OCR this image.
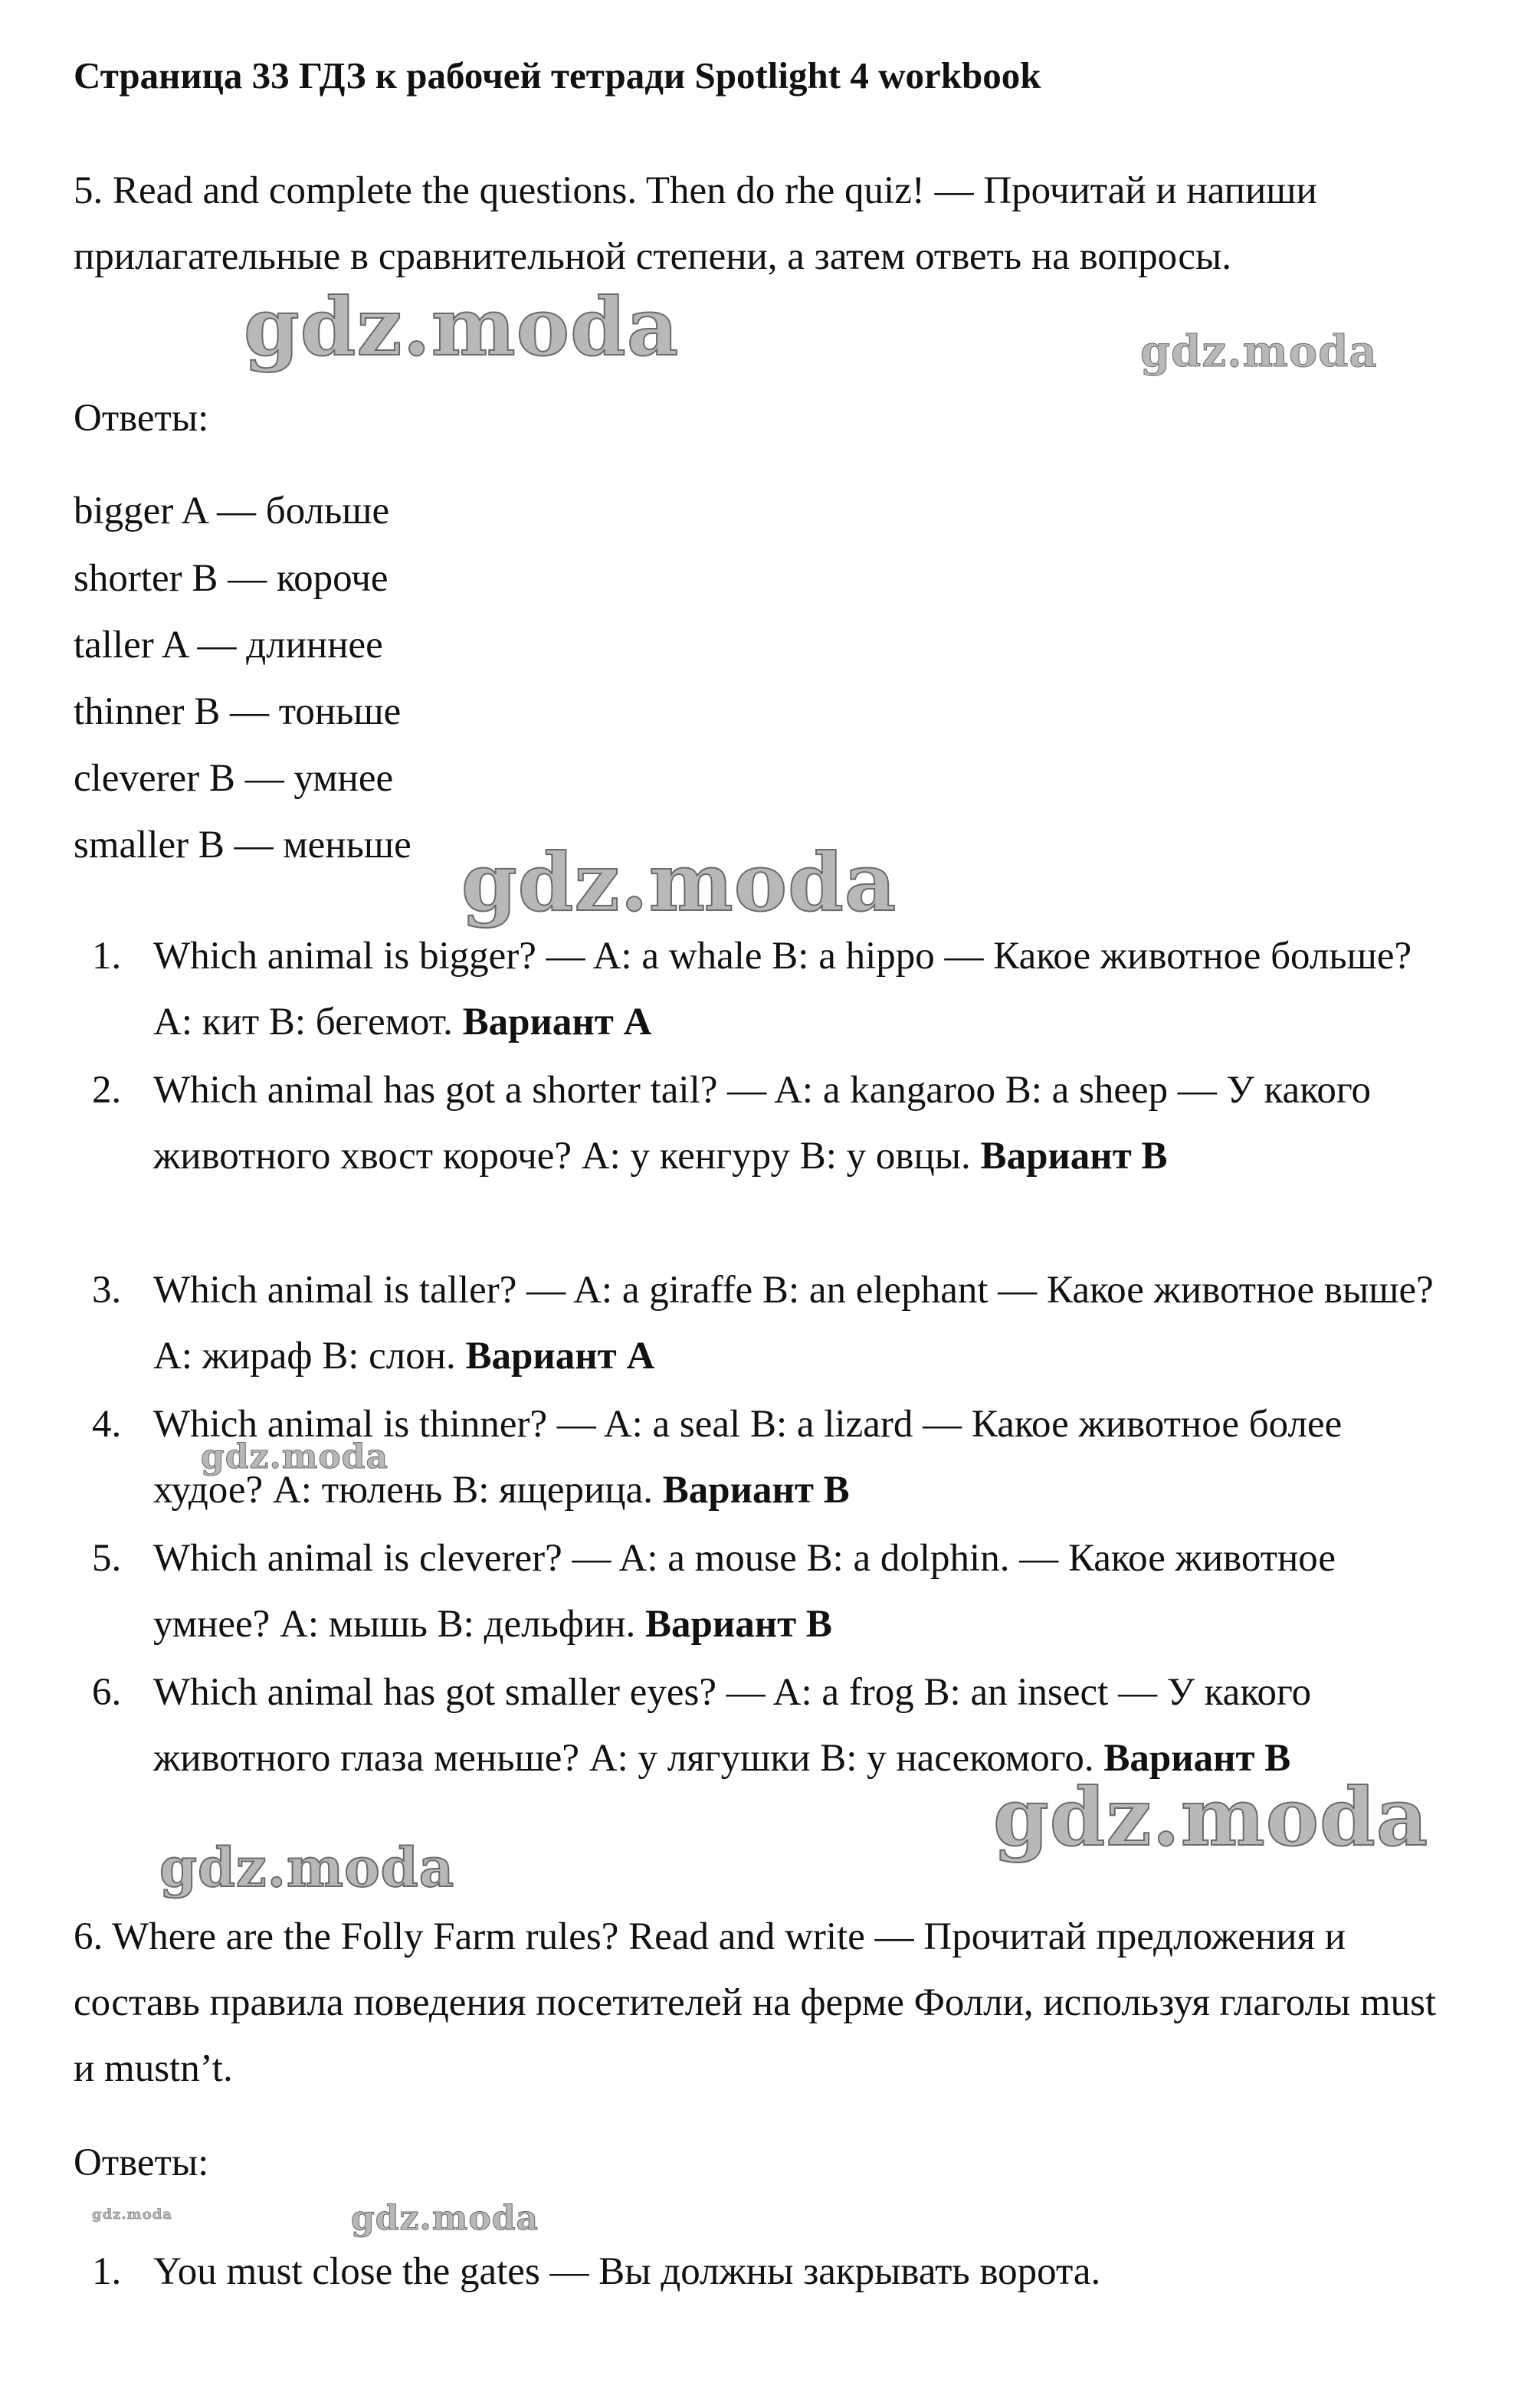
Страница 33 ГДЗ к рабочей тетради Spotlight 4 workbook
5. Read and complete the questions. Then do rhe quiz! — Прочитай и напиши прилагательные в сравнительной степени, а затем ответь на вопросы.
Ответы:
bigger A — больше
shorter B — короче
taller A — длиннее
thinner B — тоньше
cleverer B — умнее
smaller B — меньше
1. Which animal is bigger? — A: a whale B: a hippo — Какое животное больше? А: кит В: бегемот. Вариант А
2. Which animal has got a shorter tail? — A: a kangaroo B: a sheep — У какого животного хвост короче? А: у кенгуру В: у овцы. Вариант В
3. Which animal is taller? — A: a giraffe B: an elephant — Какое животное выше? А: жираф В: слон. Вариант А
4. Which animal is thinner? — A: a seal B: a lizard — Какое животное более худое? А: тюлень В: ящерица. Вариант В
5. Which animal is cleverer? — A: a mouse B: a dolphin. — Какое животное умнее? А: мышь В: дельфин. Вариант В
6. Which animal has got smaller eyes? — A: a frog B: an insect — У какого животного глаза меньше? А: у лягушки В: у насекомого. Вариант В
6. Where are the Folly Farm rules? Read and write — Прочитай предложения и составь правила поведения посетителей на ферме Фолли, используя глаголы must и mustn’t.
Ответы:
1. You must close the gates — Вы должны закрывать ворота.
gdz.moda	gdz.moda
gdz.moda
gdz.moda
gdz.moda
gdz.moda
gdz.moda	gdz.moda
